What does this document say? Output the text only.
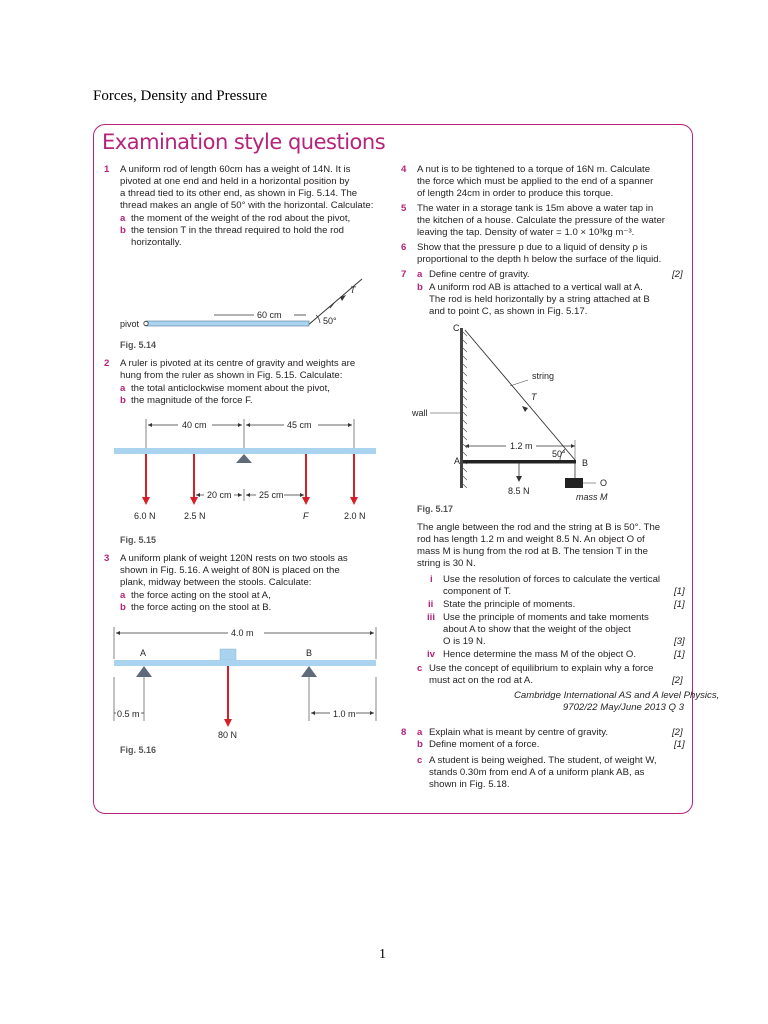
Forces, Density and Pressure
Examination style questions
1 A uniform rod of length 60cm has a weight of 14N. It is
pivoted at one end and held in a horizontal position by
a thread tied to its other end, as shown in Fig. 5.14. The
thread makes an angle of 50° with the horizontal. Calculate:
a the moment of the weight of the rod about the pivot,
b the tension T in the thread required to hold the rod
horizontally.
T
60 cm
pivot	50°
Fig. 5.14
2 A ruler is pivoted at its centre of gravity and weights are
hung from the ruler as shown in Fig. 5.15. Calculate:
a the total anticlockwise moment about the pivot,
b the magnitude of the force F.
40 cm	45 cm
20 cm	25 cm
6.0 N	2.5 N	F	2.0 N
Fig. 5.15
3 A uniform plank of weight 120N rests on two stools as
shown in Fig. 5.16. A weight of 80N is placed on the
plank, midway between the stools. Calculate:
a the force acting on the stool at A,
b the force acting on the stool at B.
4.0 m
A	B
0.5 m	1.0 m
80 N
Fig. 5.16
4 A nut is to be tightened to a torque of 16N m. Calculate
the force which must be applied to the end of a spanner
of length 24cm in order to produce this torque.
5 The water in a storage tank is 15m above a water tap in
the kitchen of a house. Calculate the pressure of the water
leaving the tap. Density of water = 1.0 × 10³kg m⁻³.
6 Show that the pressure p due to a liquid of density ρ is
proportional to the depth h below the surface of the liquid.
7 a Define centre of gravity.	[2]
b A uniform rod AB is attached to a vertical wall at A.
The rod is held horizontally by a string attached at B
and to point C, as shown in Fig. 5.17.
C
T
string
wall
1.2 m
50°
A	B
8.5 N
O
mass M
Fig. 5.17
The angle between the rod and the string at B is 50°. The
rod has length 1.2 m and weight 8.5 N. An object O of
mass M is hung from the rod at B. The tension T in the
string is 30 N.
i Use the resolution of forces to calculate the vertical
component of T.	[1]
ii State the principle of moments.	[1]
iii Use the principle of moments and take moments
about A to show that the weight of the object
O is 19 N.	[3]
iv Hence determine the mass M of the object O.	[1]
c Use the concept of equilibrium to explain why a force
must act on the rod at A.	[2]
Cambridge International AS and A level Physics,
9702/22 May/June 2013 Q 3
8 a Explain what is meant by centre of gravity.	[2]
b Define moment of a force.	[1]
c A student is being weighed. The student, of weight W,
stands 0.30m from end A of a uniform plank AB, as
shown in Fig. 5.18.
1
